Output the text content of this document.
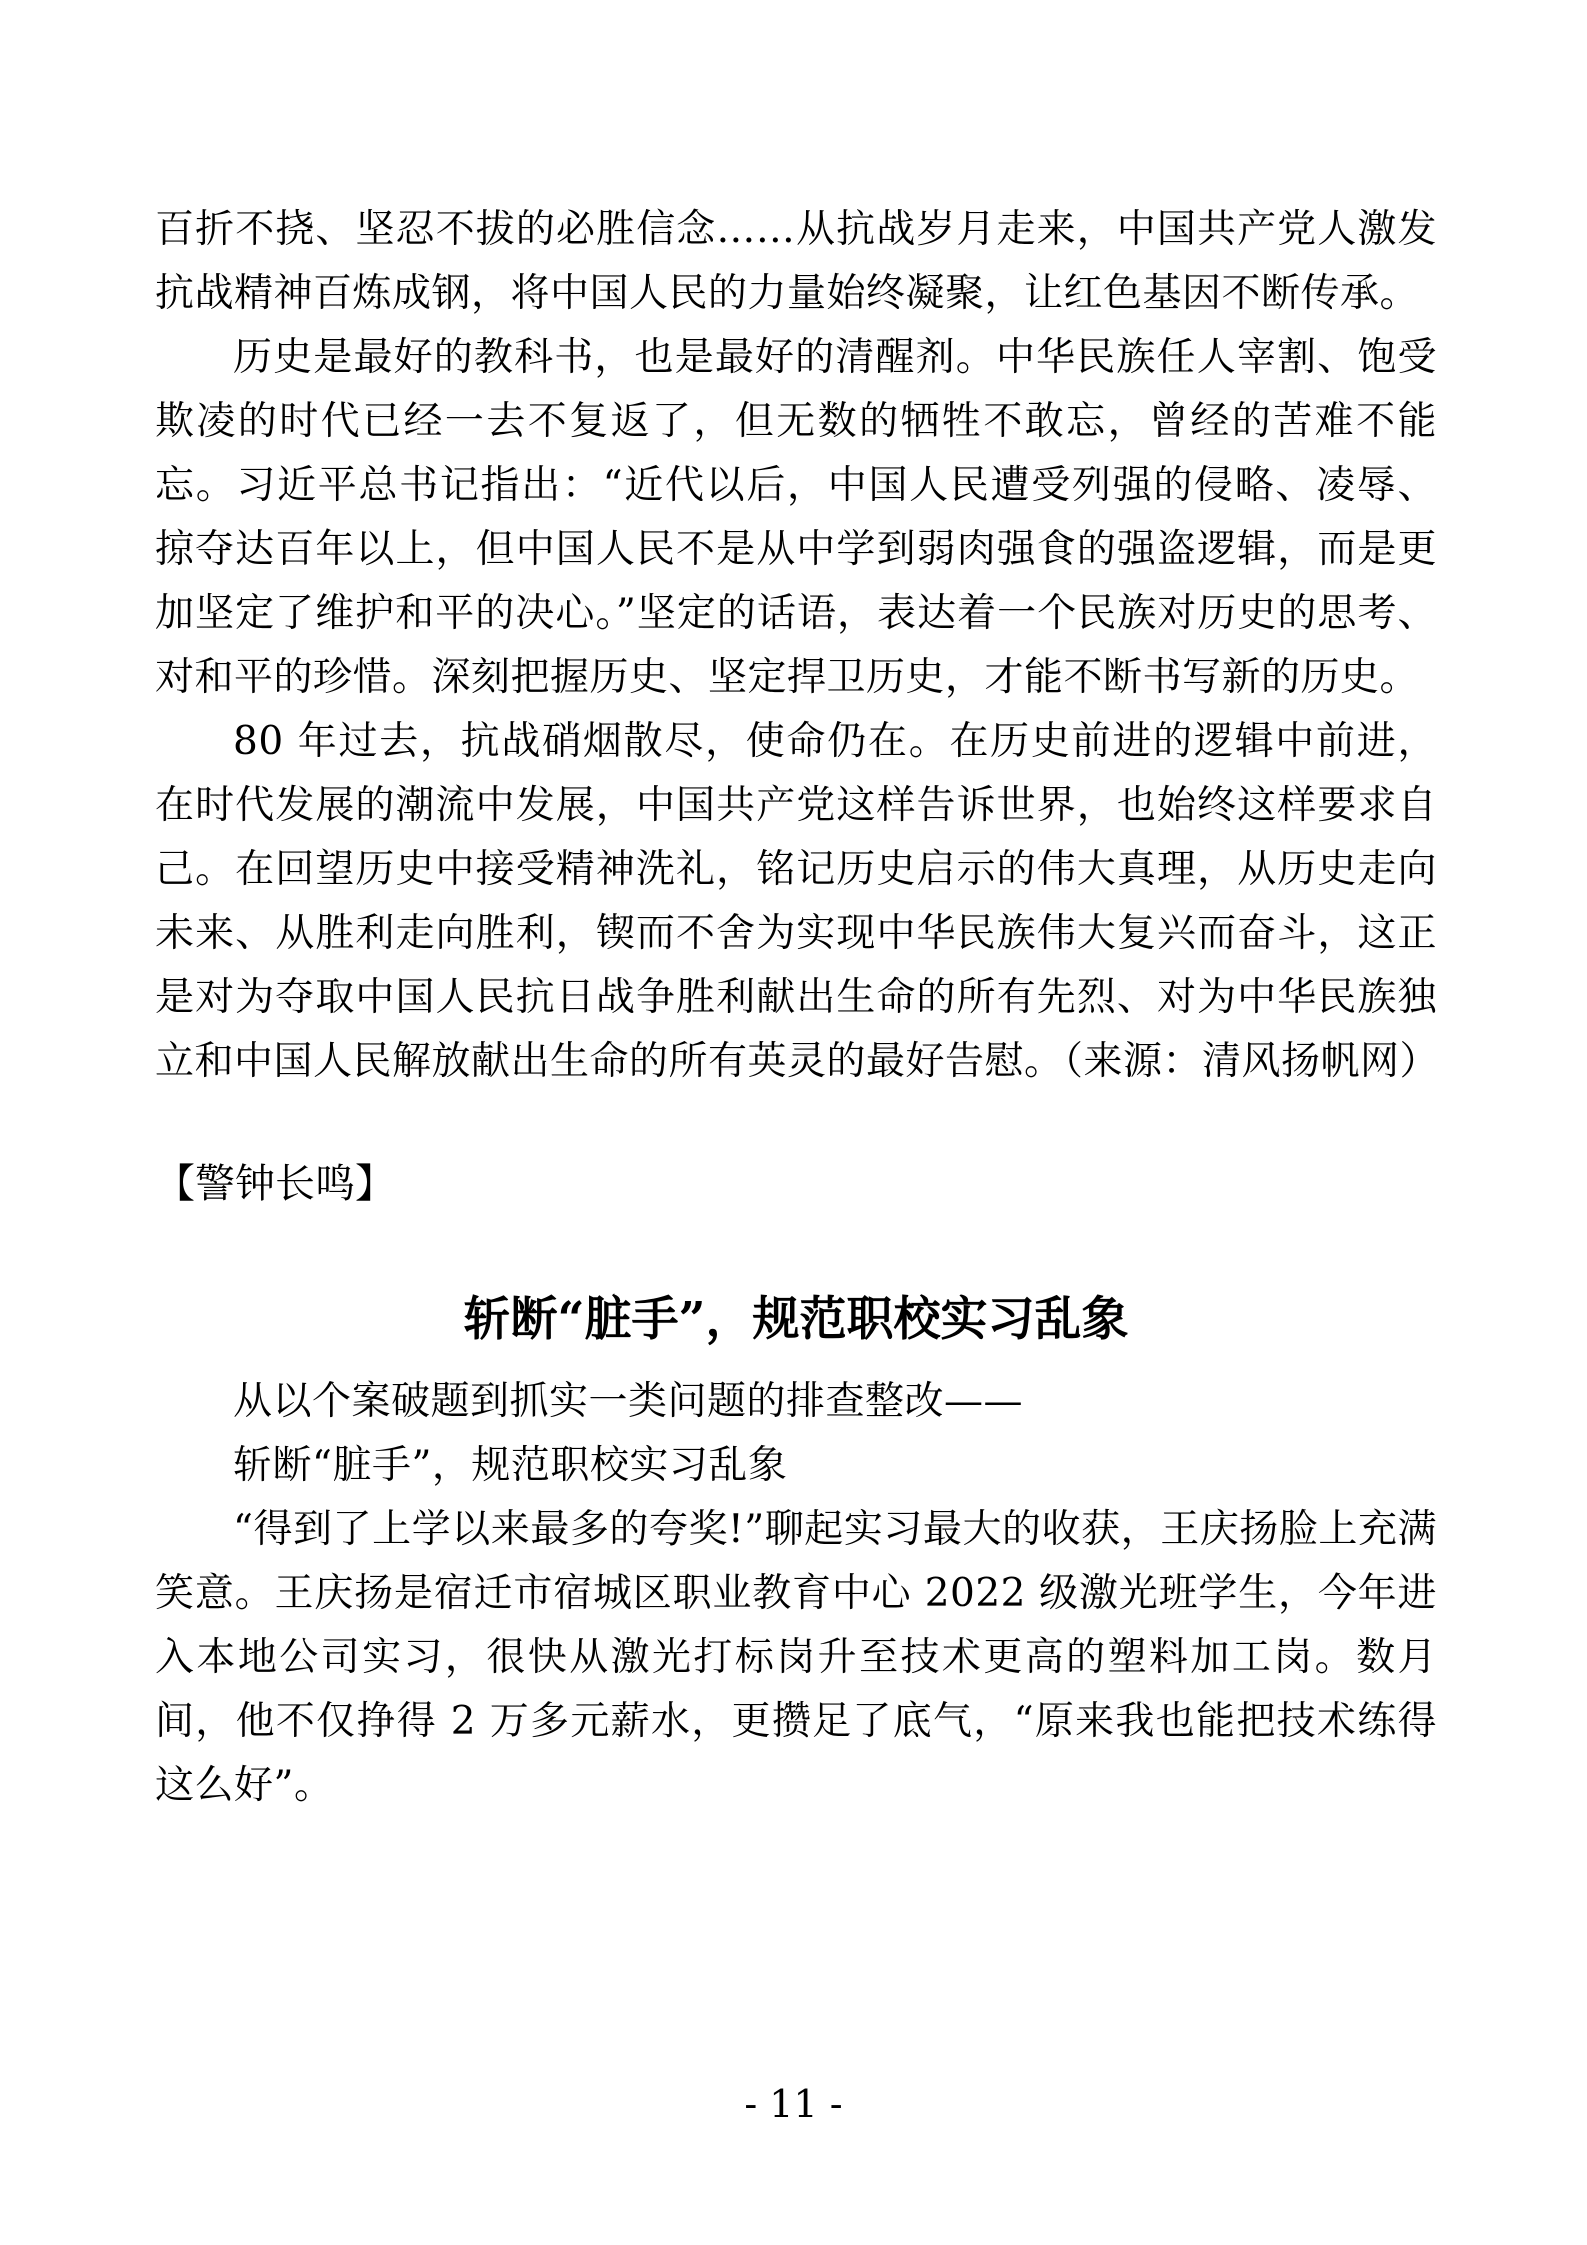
百折不挠、坚忍不拔的必胜信念……从抗战岁月走来，中国共产党人激发抗战精神百炼成钢，将中国人民的力量始终凝聚，让红色基因不断传承。

历史是最好的教科书，也是最好的清醒剂。中华民族任人宰割、饱受欺凌的时代已经一去不复返了，但无数的牺牲不敢忘，曾经的苦难不能忘。习近平总书记指出：“近代以后，中国人民遭受列强的侵略、凌辱、掠夺达百年以上，但中国人民不是从中学到弱肉强食的强盗逻辑，而是更加坚定了维护和平的决心。”坚定的话语，表达着一个民族对历史的思考、对和平的珍惜。深刻把握历史、坚定捍卫历史，才能不断书写新的历史。

80 年过去，抗战硝烟散尽，使命仍在。在历史前进的逻辑中前进，在时代发展的潮流中发展，中国共产党这样告诉世界，也始终这样要求自己。在回望历史中接受精神洗礼，铭记历史启示的伟大真理，从历史走向未来、从胜利走向胜利，锲而不舍为实现中华民族伟大复兴而奋斗，这正是对为夺取中国人民抗日战争胜利献出生命的所有先烈、对为中华民族独立和中国人民解放献出生命的所有英灵的最好告慰。（来源：清风扬帆网）

【警钟长鸣】
斩断“脏手”，规范职校实习乱象

从以个案破题到抓实一类问题的排查整改——

斩断“脏手”，规范职校实习乱象

“得到了上学以来最多的夸奖!”聊起实习最大的收获，王庆扬脸上充满笑意。王庆扬是宿迁市宿城区职业教育中心 2022 级激光班学生，今年进入本地公司实习，很快从激光打标岗升至技术更高的塑料加工岗。数月间，他不仅挣得 2 万多元薪水，更攒足了底气，“原来我也能把技术练得这么好”。

- 11 -
